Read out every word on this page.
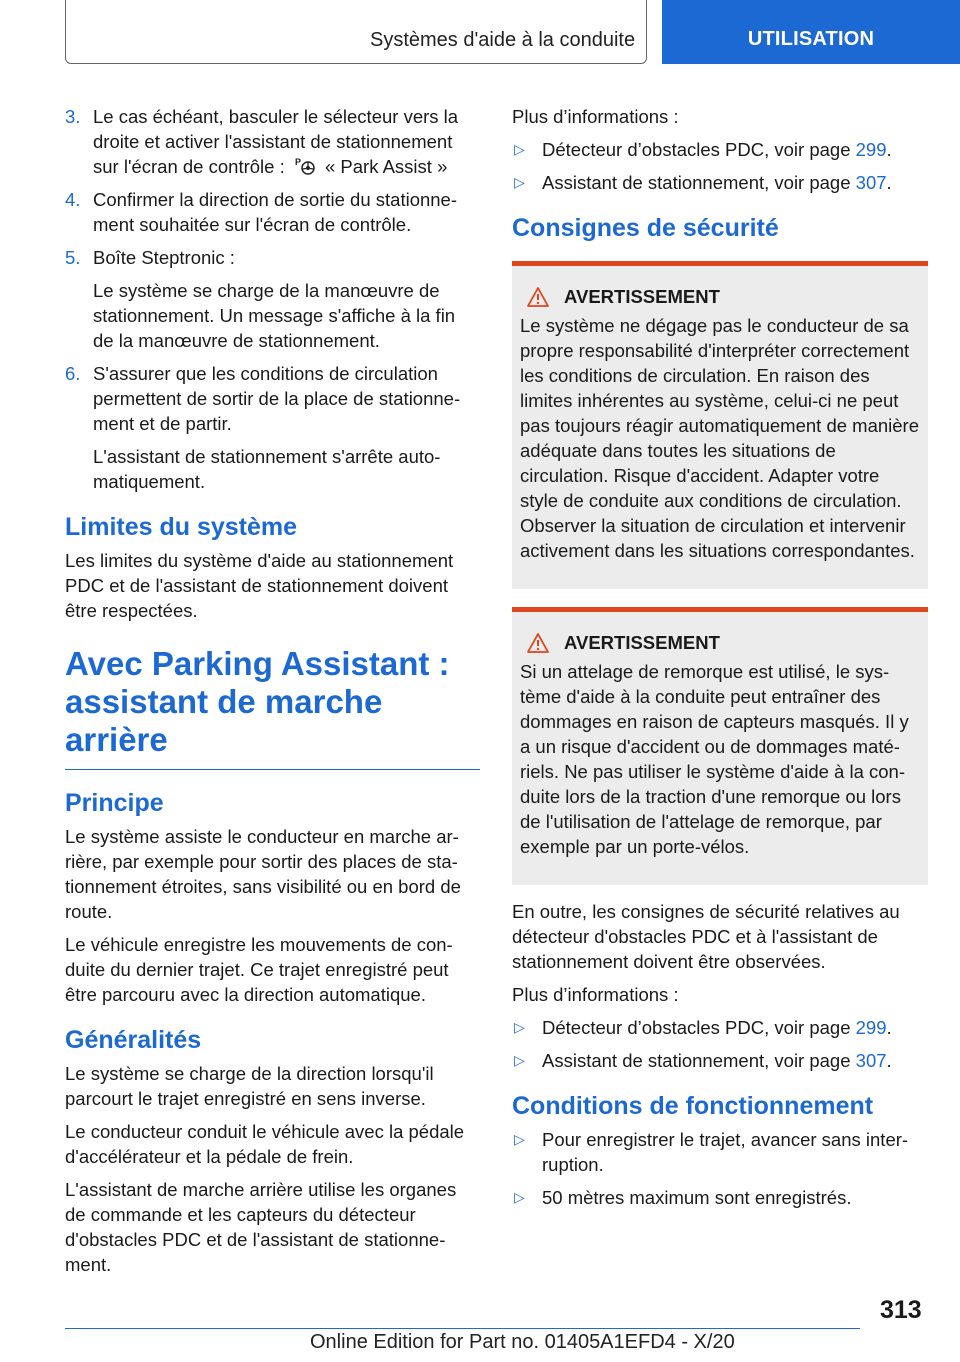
Systèmes d'aide à la conduite	UTILISATION
3. Le cas échéant, basculer le sélecteur vers la droite et activer l'assistant de stationnement sur l'écran de contrôle : P « Park Assist »
4. Confirmer la direction de sortie du stationnement souhaitée sur l'écran de contrôle.
5. Boîte Steptronic :
Le système se charge de la manœuvre de stationnement. Un message s'affiche à la fin de la manœuvre de stationnement.
6. S'assurer que les conditions de circulation permettent de sortir de la place de stationnement et de partir.
L'assistant de stationnement s'arrête automatiquement.
Limites du système

Les limites du système d'aide au stationnement PDC et de l'assistant de stationnement doivent être respectées.

Avec Parking Assistant : assistant de marche arrière
Principe

Le système assiste le conducteur en marche arrière, par exemple pour sortir des places de stationnement étroites, sans visibilité ou en bord de route.

Le véhicule enregistre les mouvements de conduite du dernier trajet. Ce trajet enregistré peut être parcouru avec la direction automatique.

Généralités

Le système se charge de la direction lorsqu'il parcourt le trajet enregistré en sens inverse.

Le conducteur conduit le véhicule avec la pédale d'accélérateur et la pédale de frein.

L'assistant de marche arrière utilise les organes de commande et les capteurs du détecteur d'obstacles PDC et de l'assistant de stationnement.

Plus d’informations :

▷ Détecteur d’obstacles PDC, voir page 299.
▷ Assistant de stationnement, voir page 307.
Consignes de sécurité
AVERTISSEMENT

Le système ne dégage pas le conducteur de sa propre responsabilité d'interpréter correctement les conditions de circulation. En raison des limites inhérentes au système, celui-ci ne peut pas toujours réagir automatiquement de manière adéquate dans toutes les situations de circulation. Risque d'accident. Adapter votre style de conduite aux conditions de circulation. Observer la situation de circulation et intervenir activement dans les situations correspondantes.

AVERTISSEMENT

Si un attelage de remorque est utilisé, le système d'aide à la conduite peut entraîner des dommages en raison de capteurs masqués. Il y a un risque d'accident ou de dommages matériels. Ne pas utiliser le système d'aide à la conduite lors de la traction d'une remorque ou lors de l'utilisation de l'attelage de remorque, par exemple par un porte-vélos.

En outre, les consignes de sécurité relatives au détecteur d'obstacles PDC et à l'assistant de stationnement doivent être observées.

Plus d’informations :

▷ Détecteur d’obstacles PDC, voir page 299.
▷ Assistant de stationnement, voir page 307.
Conditions de fonctionnement
▷ Pour enregistrer le trajet, avancer sans interruption.
▷ 50 mètres maximum sont enregistrés.
313
Online Edition for Part no. 01405A1EFD4 - X/20
